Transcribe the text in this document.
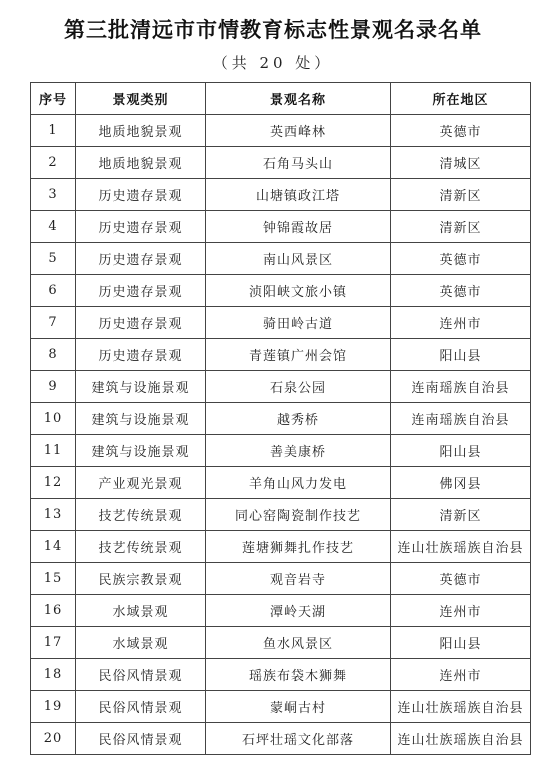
第三批清远市市情教育标志性景观名录名单
（共 20 处）
序号	景观类别	景观名称	所在地区
1	地质地貌景观	英西峰林	英德市
2	地质地貌景观	石角马头山	清城区
3	历史遗存景观	山塘镇政江塔	清新区
4	历史遗存景观	钟锦霞故居	清新区
5	历史遗存景观	南山风景区	英德市
6	历史遗存景观	浈阳峡文旅小镇	英德市
7	历史遗存景观	骑田岭古道	连州市
8	历史遗存景观	青莲镇广州会馆	阳山县
9	建筑与设施景观	石泉公园	连南瑶族自治县
10	建筑与设施景观	越秀桥	连南瑶族自治县
11	建筑与设施景观	善美康桥	阳山县
12	产业观光景观	羊角山风力发电	佛冈县
13	技艺传统景观	同心窑陶瓷制作技艺	清新区
14	技艺传统景观	莲塘狮舞扎作技艺	连山壮族瑶族自治县
15	民族宗教景观	观音岩寺	英德市
16	水域景观	潭岭天湖	连州市
17	水域景观	鱼水风景区	阳山县
18	民俗风情景观	瑶族布袋木狮舞	连州市
19	民俗风情景观	蒙峒古村	连山壮族瑶族自治县
20	民俗风情景观	石坪壮瑶文化部落	连山壮族瑶族自治县
